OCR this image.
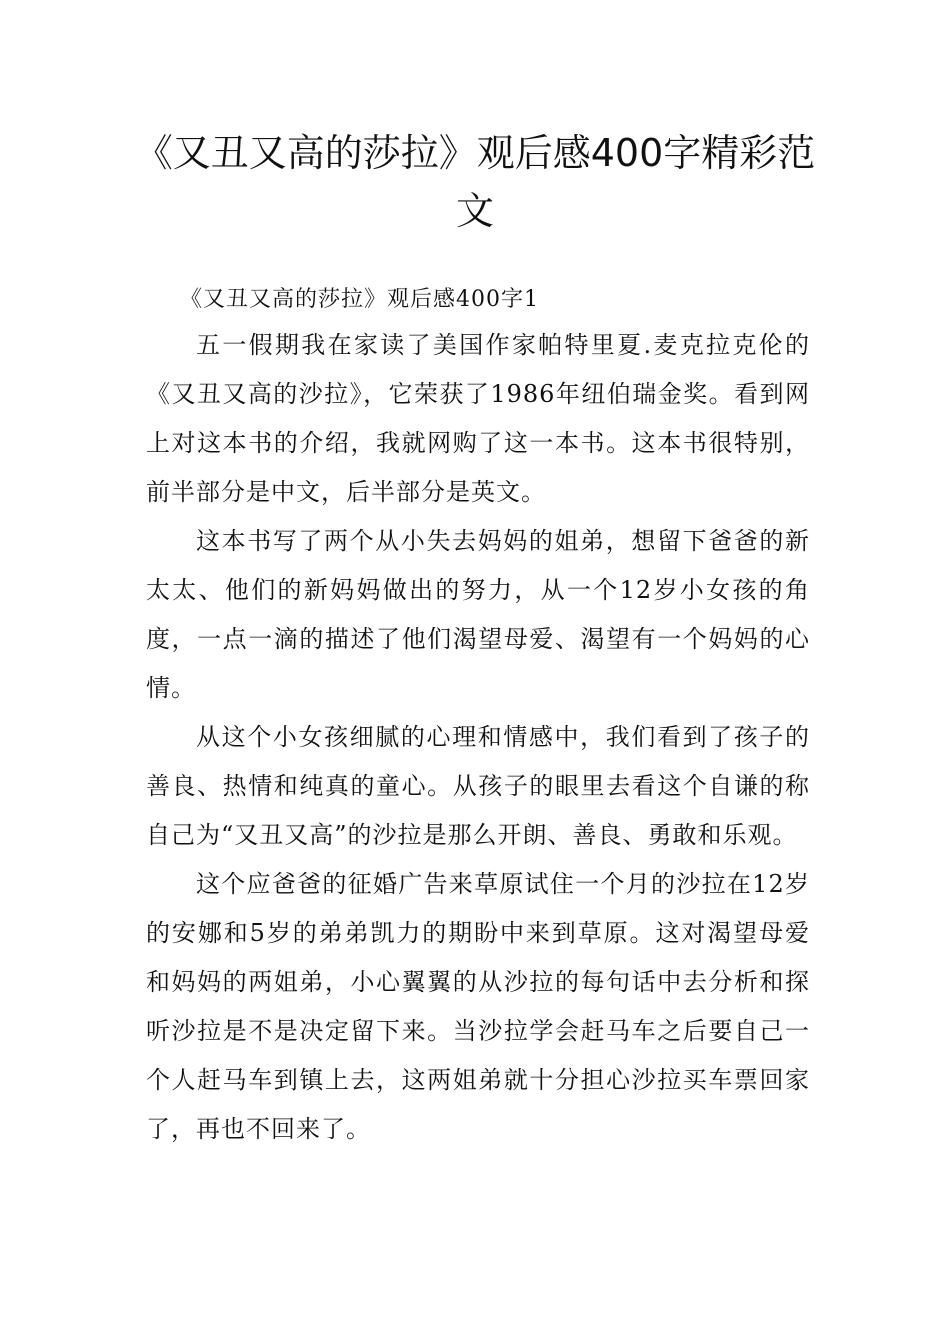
《又丑又高的莎拉》观后感400字精彩范文

《又丑又高的莎拉》观后感400字1

五一假期我在家读了美国作家帕特里夏.麦克拉克伦的《又丑又高的沙拉》，它荣获了1986年纽伯瑞金奖。看到网上对这本书的介绍，我就网购了这一本书。这本书很特别，前半部分是中文，后半部分是英文。

这本书写了两个从小失去妈妈的姐弟，想留下爸爸的新太太、他们的新妈妈做出的努力，从一个12岁小女孩的角度，一点一滴的描述了他们渴望母爱、渴望有一个妈妈的心情。

从这个小女孩细腻的心理和情感中，我们看到了孩子的善良、热情和纯真的童心。从孩子的眼里去看这个自谦的称自己为“又丑又高”的沙拉是那么开朗、善良、勇敢和乐观。

这个应爸爸的征婚广告来草原试住一个月的沙拉在12岁的安娜和5岁的弟弟凯力的期盼中来到草原。这对渴望母爱和妈妈的两姐弟，小心翼翼的从沙拉的每句话中去分析和探听沙拉是不是决定留下来。当沙拉学会赶马车之后要自己一个人赶马车到镇上去，这两姐弟就十分担心沙拉买车票回家了，再也不回来了。
